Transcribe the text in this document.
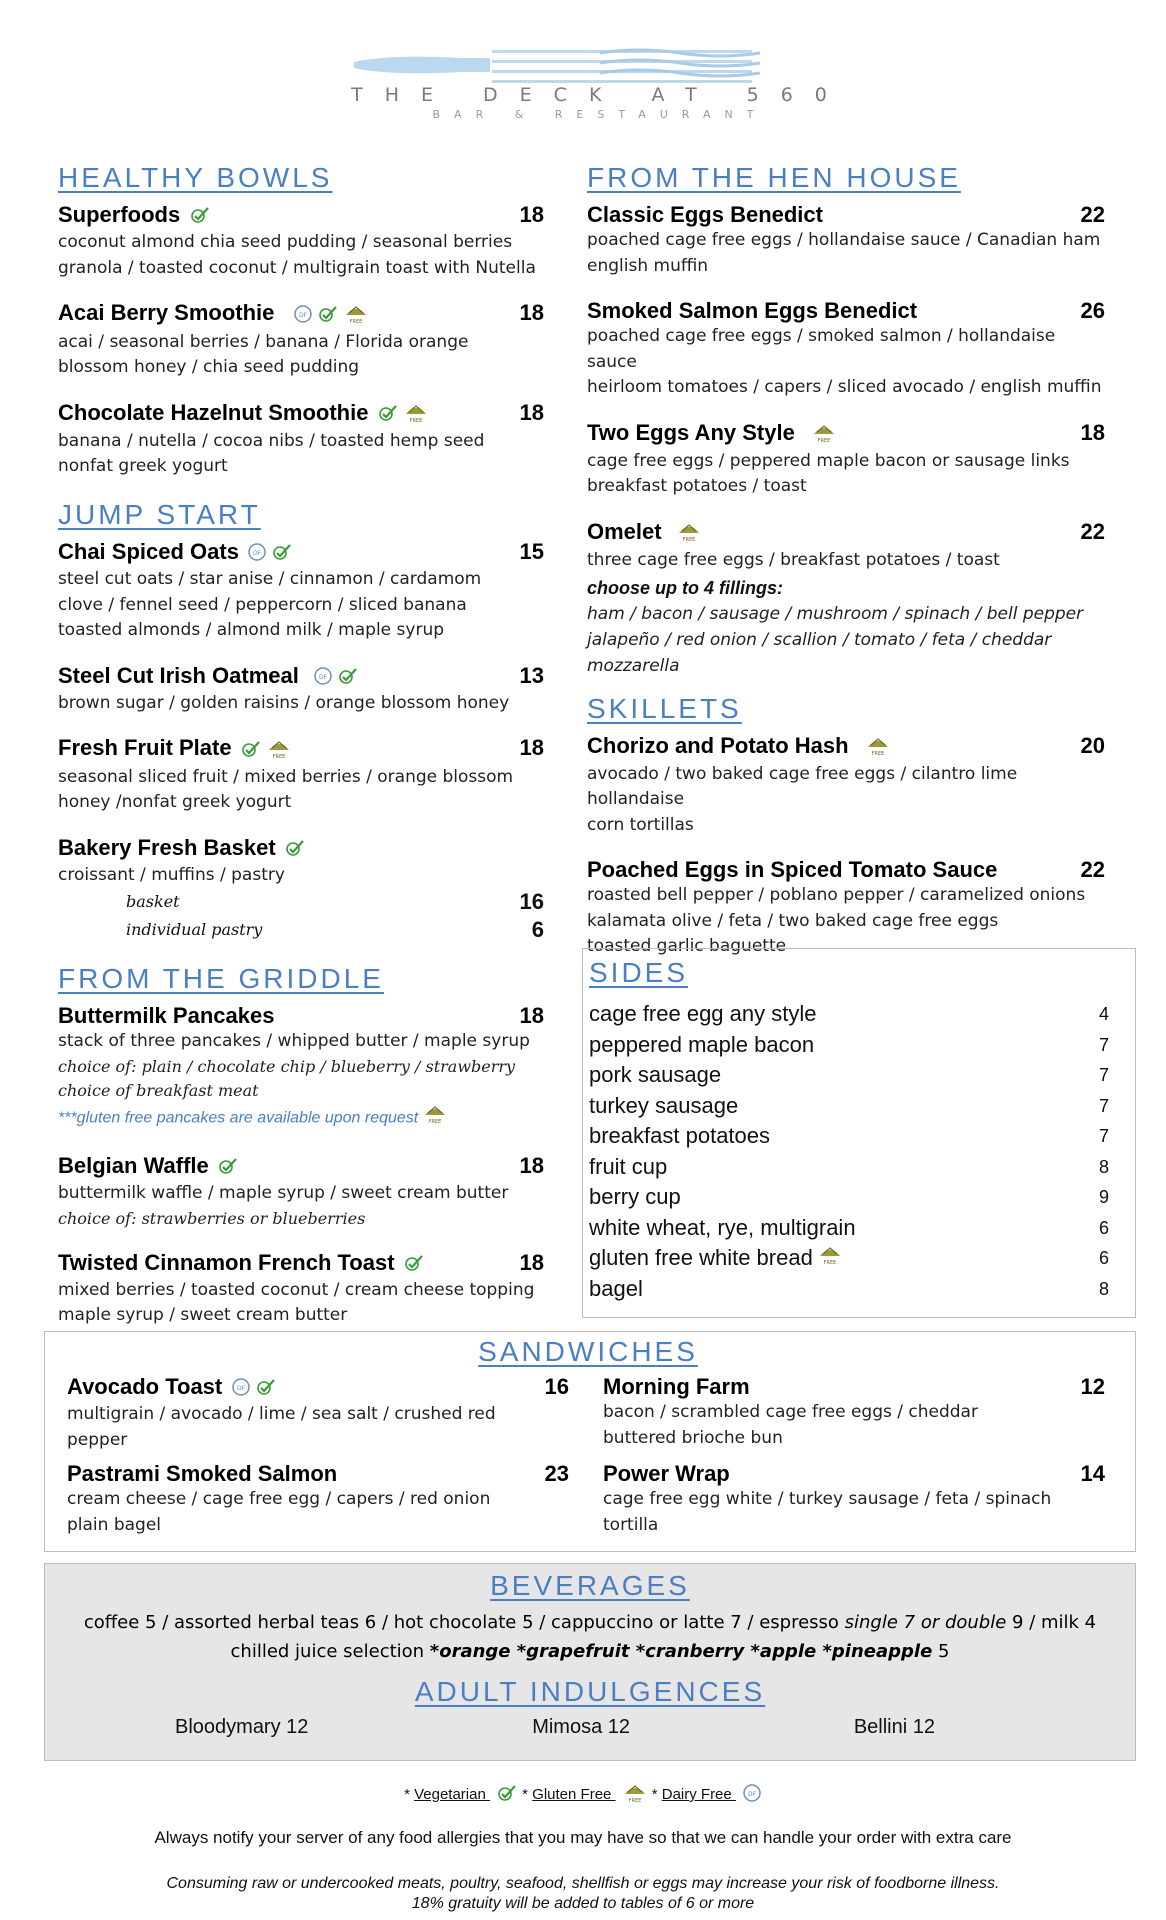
THE DECK AT 560
BAR & RESTAURANT
HEALTHY BOWLS
Superfoods	18
coconut almond chia seed pudding / seasonal berries
granola / toasted coconut / multigrain toast with Nutella
Acai Berry Smoothie	DF
FREE	18
acai / seasonal berries / banana / Florida orange
blossom honey / chia seed pudding
Chocolate Hazelnut Smoothie	FREE	18
banana / nutella / cocoa nibs / toasted hemp seed
nonfat greek yogurt
JUMP START
Chai Spiced Oats DF	15
steel cut oats / star anise / cinnamon / cardamom
clove / fennel seed / peppercorn / sliced banana
toasted almonds / almond milk / maple syrup
Steel Cut Irish Oatmeal	DF	13
brown sugar / golden raisins / orange blossom honey
Fresh Fruit Plate	FREE	18
seasonal sliced fruit / mixed berries / orange blossom
honey /nonfat greek yogurt
Bakery Fresh Basket
croissant / muffins / pastry
basket	16
individual pastry	6
FROM THE GRIDDLE
Buttermilk Pancakes	18
stack of three pancakes / whipped butter / maple syrup
choice of: plain / chocolate chip / blueberry / strawberry
choice of breakfast meat
***gluten free pancakes are available upon request FREE
Belgian Waffle	18
buttermilk waffle / maple syrup / sweet cream butter
choice of: strawberries or blueberries
Twisted Cinnamon French Toast	18
mixed berries / toasted coconut / cream cheese topping
maple syrup / sweet cream butter
FROM THE HEN HOUSE
Classic Eggs Benedict	22
poached cage free eggs / hollandaise sauce / Canadian ham
english muffin
Smoked Salmon Eggs Benedict	26
poached cage free eggs / smoked salmon / hollandaise sauce
heirloom tomatoes / capers / sliced avocado / english muffin
Two Eggs Any Style	FREE	18
cage free eggs / peppered maple bacon or sausage links
breakfast potatoes / toast
Omelet	FREE	22
three cage free eggs / breakfast potatoes / toast
choose up to 4 fillings:
ham / bacon / sausage / mushroom / spinach / bell pepper
jalapeño / red onion / scallion / tomato / feta / cheddar
mozzarella
SKILLETS
Chorizo and Potato Hash	FREE	20
avocado / two baked cage free eggs / cilantro lime hollandaise
corn tortillas
Poached Eggs in Spiced Tomato Sauce	22
roasted bell pepper / poblano pepper / caramelized onions
kalamata olive / feta / two baked cage free eggs
toasted garlic baguette
SIDES
cage free egg any style	4
peppered maple bacon	7
pork sausage	7
turkey sausage	7
breakfast potatoes	7
fruit cup	8
berry cup	9
white wheat, rye, multigrain	6
gluten free white bread FREE	6
bagel	8
SANDWICHES
Avocado Toast DF	16
multigrain / avocado / lime / sea salt / crushed red
pepper
Morning Farm	12
bacon / scrambled cage free eggs / cheddar
buttered brioche bun
Pastrami Smoked Salmon	23
cream cheese / cage free egg / capers / red onion
plain bagel
Power Wrap	14
cage free egg white / turkey sausage / feta / spinach
tortilla
BEVERAGES
coffee 5 / assorted herbal teas 6 / hot chocolate 5 / cappuccino or latte 7 / espresso single 7 or double 9 / milk 4
chilled juice selection *orange *grapefruit *cranberry *apple *pineapple 5
ADULT INDULGENCES
Bloodymary 12	Mimosa 12	Bellini 12
* Vegetarian  * Gluten Free	FREE * Dairy Free DF
Always notify your server of any food allergies that you may have so that we can handle your order with extra care
Consuming raw or undercooked meats, poultry, seafood, shellfish or eggs may increase your risk of foodborne illness.
18% gratuity will be added to tables of 6 or more
